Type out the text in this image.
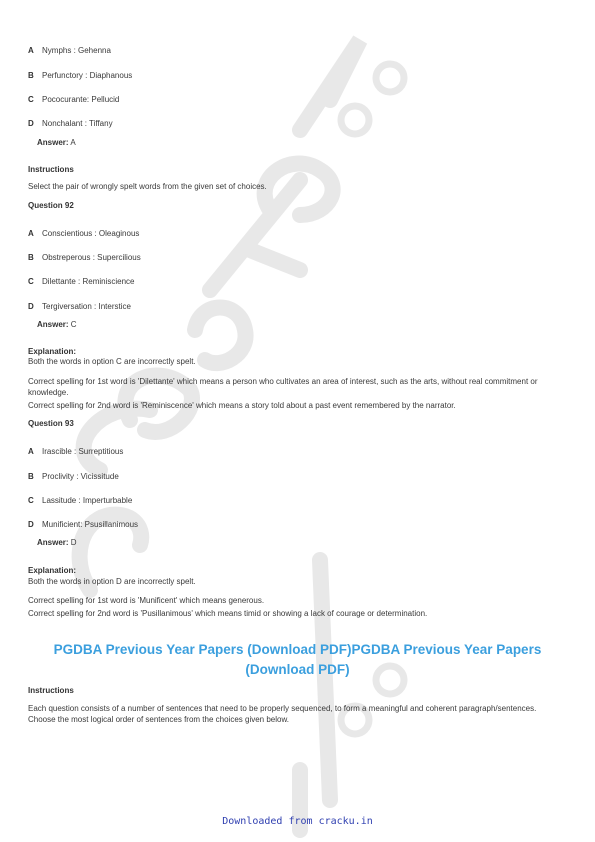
A Nymphs : Gehenna
B Perfunctory : Diaphanous
C Pococurante: Pellucid
D Nonchalant : Tiffany
Answer: A
Instructions
Select the pair of wrongly spelt words from the given set of choices.
Question 92
A Conscientious : Oleaginous
B Obstreperous : Supercilious
C Dilettante : Reminiscience
D Tergiversation : Interstice
Answer: C
Explanation:
Both the words in option C are incorrectly spelt.
Correct spelling for 1st word is 'Dilettante' which means a person who cultivates an area of interest, such as the arts, without real commitment or knowledge.
Correct spelling for 2nd word is 'Reminiscence' which means a story told about a past event remembered by the narrator.
Question 93
A Irascible : Surreptitious
B Proclivity : Vicissitude
C Lassitude : Imperturbable
D Munificient: Psusillanimous
Answer: D
Explanation:
Both the words in option D are incorrectly spelt.
Correct spelling for 1st word is 'Munificent' which means generous.
Correct spelling for 2nd word is 'Pusillanimous' which means timid or showing a lack of courage or determination.
PGDBA Previous Year Papers (Download PDF)PGDBA Previous Year Papers (Download PDF)
Instructions
Each question consists of a number of sentences that need to be properly sequenced, to form a meaningful and coherent paragraph/sentences. Choose the most logical order of sentences from the choices given below.
Downloaded from cracku.in
